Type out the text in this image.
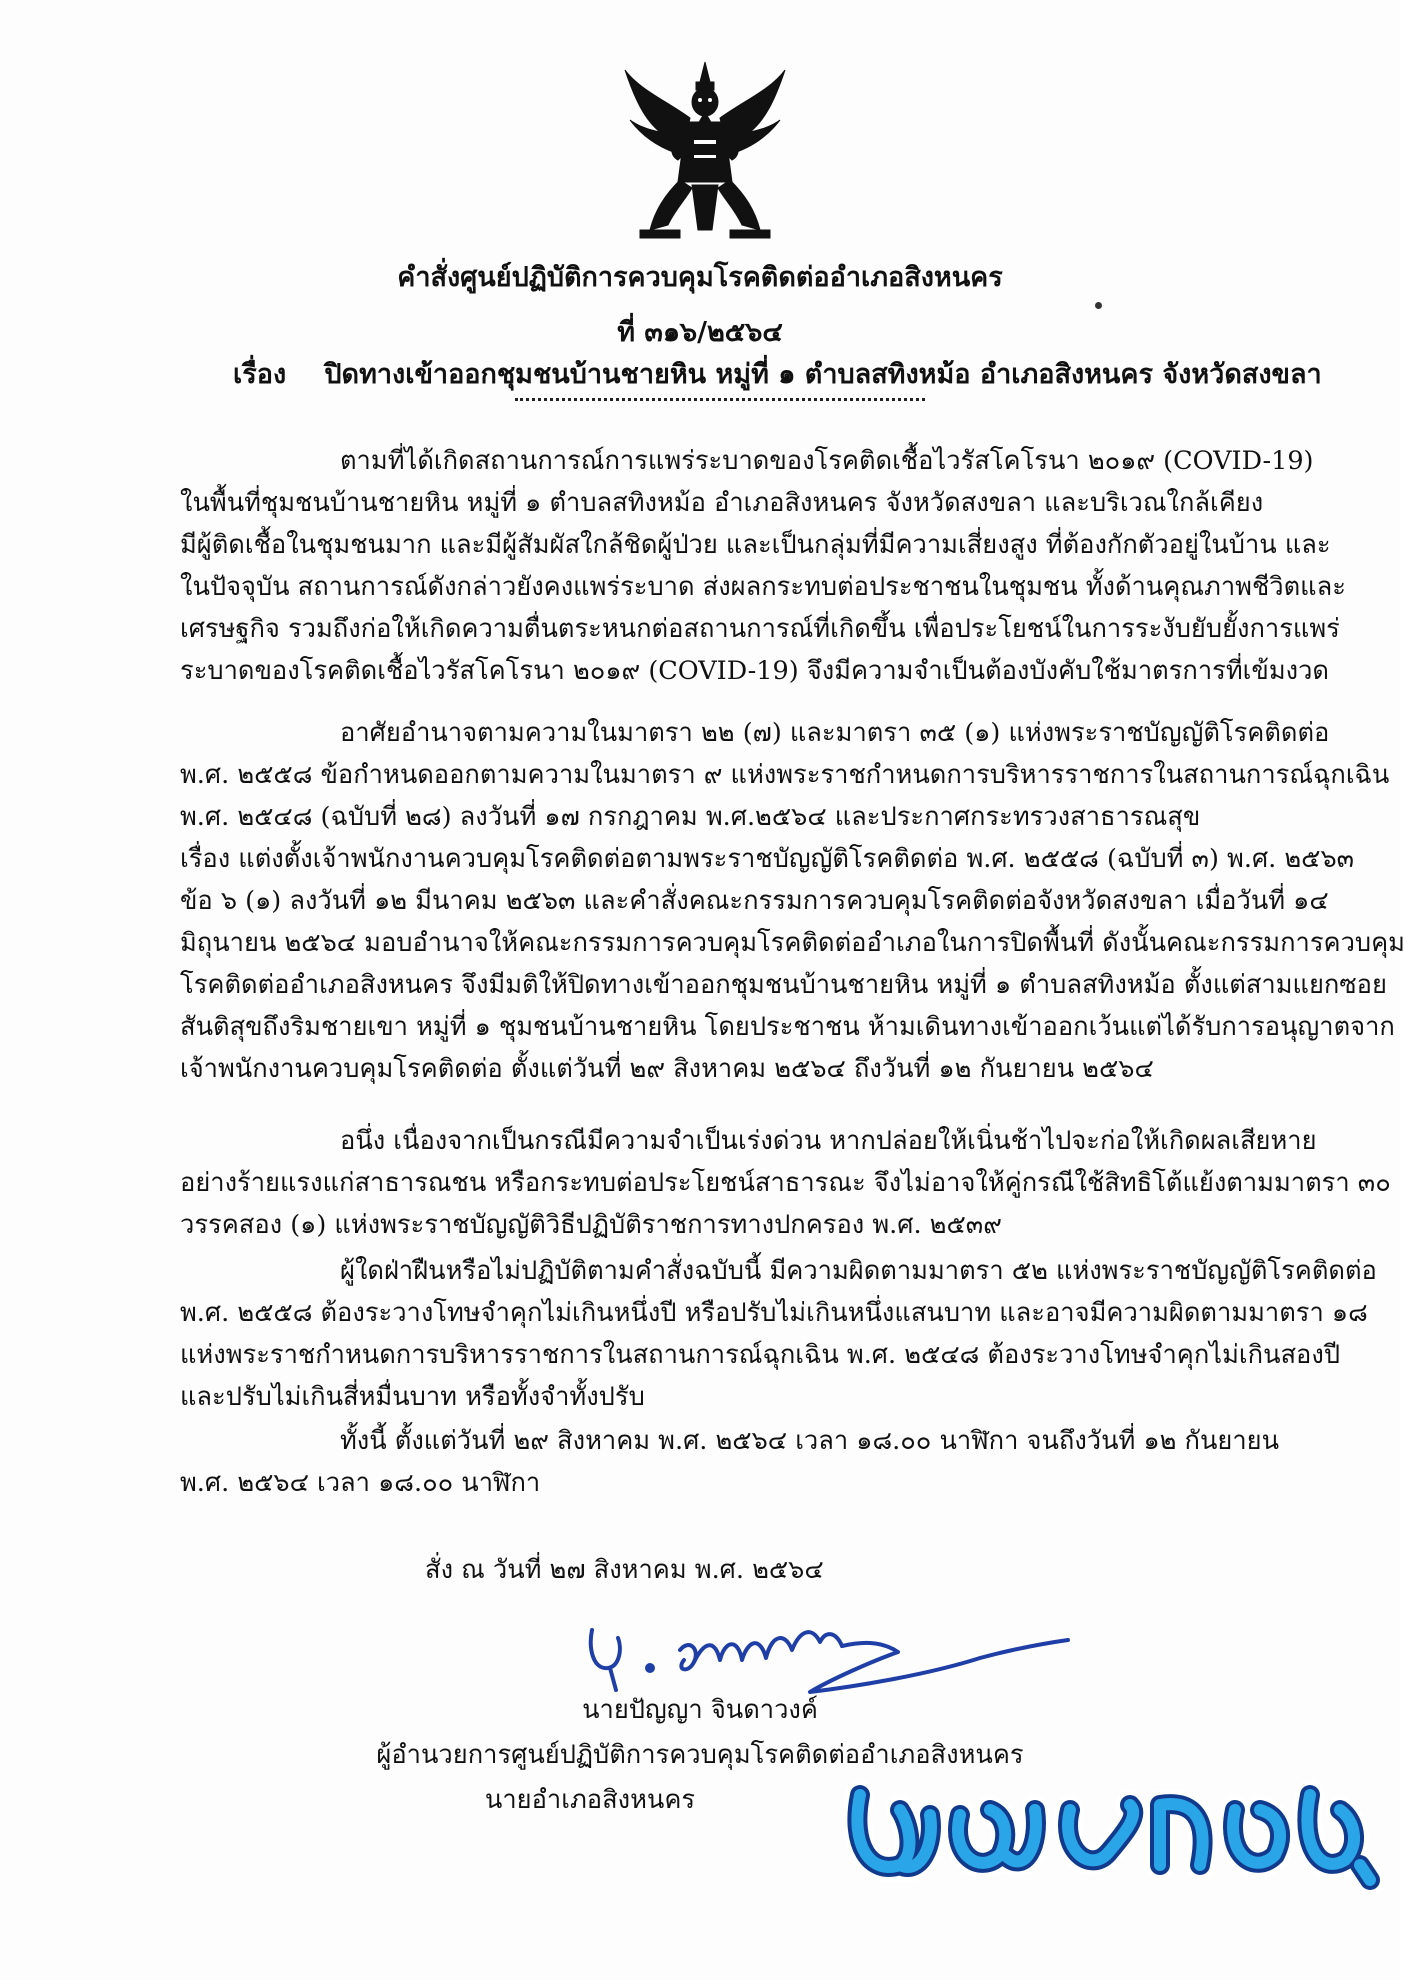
คำสั่งศูนย์ปฏิบัติการควบคุมโรคติดต่ออำเภอสิงหนคร
ที่ ๓๑๖/๒๕๖๔
เรื่อง ปิดทางเข้าออกชุมชนบ้านชายหิน หมู่ที่ ๑ ตำบลสทิงหม้อ อำเภอสิงหนคร จังหวัดสงขลา
ตามที่ได้เกิดสถานการณ์การแพร่ระบาดของโรคติดเชื้อไวรัสโคโรนา ๒๐๑๙ (COVID-19)
ในพื้นที่ชุมชนบ้านชายหิน หมู่ที่ ๑ ตำบลสทิงหม้อ อำเภอสิงหนคร จังหวัดสงขลา และบริเวณใกล้เคียง
มีผู้ติดเชื้อในชุมชนมาก และมีผู้สัมผัสใกล้ชิดผู้ป่วย และเป็นกลุ่มที่มีความเสี่ยงสูง ที่ต้องกักตัวอยู่ในบ้าน และ
ในปัจจุบัน สถานการณ์ดังกล่าวยังคงแพร่ระบาด ส่งผลกระทบต่อประชาชนในชุมชน ทั้งด้านคุณภาพชีวิตและ
เศรษฐกิจ รวมถึงก่อให้เกิดความตื่นตระหนกต่อสถานการณ์ที่เกิดขึ้น เพื่อประโยชน์ในการระงับยับยั้งการแพร่
ระบาดของโรคติดเชื้อไวรัสโคโรนา ๒๐๑๙ (COVID-19) จึงมีความจำเป็นต้องบังคับใช้มาตรการที่เข้มงวด
อาศัยอำนาจตามความในมาตรา ๒๒ (๗) และมาตรา ๓๕ (๑) แห่งพระราชบัญญัติโรคติดต่อ
พ.ศ. ๒๕๕๘ ข้อกำหนดออกตามความในมาตรา ๙ แห่งพระราชกำหนดการบริหารราชการในสถานการณ์ฉุกเฉิน
พ.ศ. ๒๕๔๘ (ฉบับที่ ๒๘) ลงวันที่ ๑๗ กรกฎาคม พ.ศ.๒๕๖๔ และประกาศกระทรวงสาธารณสุข
เรื่อง แต่งตั้งเจ้าพนักงานควบคุมโรคติดต่อตามพระราชบัญญัติโรคติดต่อ พ.ศ. ๒๕๕๘ (ฉบับที่ ๓) พ.ศ. ๒๕๖๓
ข้อ ๖ (๑) ลงวันที่ ๑๒ มีนาคม ๒๕๖๓ และคำสั่งคณะกรรมการควบคุมโรคติดต่อจังหวัดสงขลา เมื่อวันที่ ๑๔
มิถุนายน ๒๕๖๔ มอบอำนาจให้คณะกรรมการควบคุมโรคติดต่ออำเภอในการปิดพื้นที่ ดังนั้นคณะกรรมการควบคุม
โรคติดต่ออำเภอสิงหนคร จึงมีมติให้ปิดทางเข้าออกชุมชนบ้านชายหิน หมู่ที่ ๑ ตำบลสทิงหม้อ ตั้งแต่สามแยกซอย
สันติสุขถึงริมชายเขา หมู่ที่ ๑ ชุมชนบ้านชายหิน โดยประชาชน ห้ามเดินทางเข้าออกเว้นแต่ได้รับการอนุญาตจาก
เจ้าพนักงานควบคุมโรคติดต่อ ตั้งแต่วันที่ ๒๙ สิงหาคม ๒๕๖๔ ถึงวันที่ ๑๒ กันยายน ๒๕๖๔
อนึ่ง เนื่องจากเป็นกรณีมีความจำเป็นเร่งด่วน หากปล่อยให้เนิ่นช้าไปจะก่อให้เกิดผลเสียหาย
อย่างร้ายแรงแก่สาธารณชน หรือกระทบต่อประโยชน์สาธารณะ จึงไม่อาจให้คู่กรณีใช้สิทธิโต้แย้งตามมาตรา ๓๐
วรรคสอง (๑) แห่งพระราชบัญญัติวิธีปฏิบัติราชการทางปกครอง พ.ศ. ๒๕๓๙
ผู้ใดฝ่าฝืนหรือไม่ปฏิบัติตามคำสั่งฉบับนี้ มีความผิดตามมาตรา ๕๒ แห่งพระราชบัญญัติโรคติดต่อ
พ.ศ. ๒๕๕๘ ต้องระวางโทษจำคุกไม่เกินหนึ่งปี หรือปรับไม่เกินหนึ่งแสนบาท และอาจมีความผิดตามมาตรา ๑๘
แห่งพระราชกำหนดการบริหารราชการในสถานการณ์ฉุกเฉิน พ.ศ. ๒๕๔๘ ต้องระวางโทษจำคุกไม่เกินสองปี
และปรับไม่เกินสี่หมื่นบาท หรือทั้งจำทั้งปรับ
ทั้งนี้ ตั้งแต่วันที่ ๒๙ สิงหาคม พ.ศ. ๒๕๖๔ เวลา ๑๘.๐๐ นาฬิกา จนถึงวันที่ ๑๒ กันยายน
พ.ศ. ๒๕๖๔ เวลา ๑๘.๐๐ นาฬิกา
สั่ง ณ วันที่ ๒๗ สิงหาคม พ.ศ. ๒๕๖๔
นายปัญญา จินดาวงค์
ผู้อำนวยการศูนย์ปฏิบัติการควบคุมโรคติดต่ออำเภอสิงหนคร
นายอำเภอสิงหนคร
